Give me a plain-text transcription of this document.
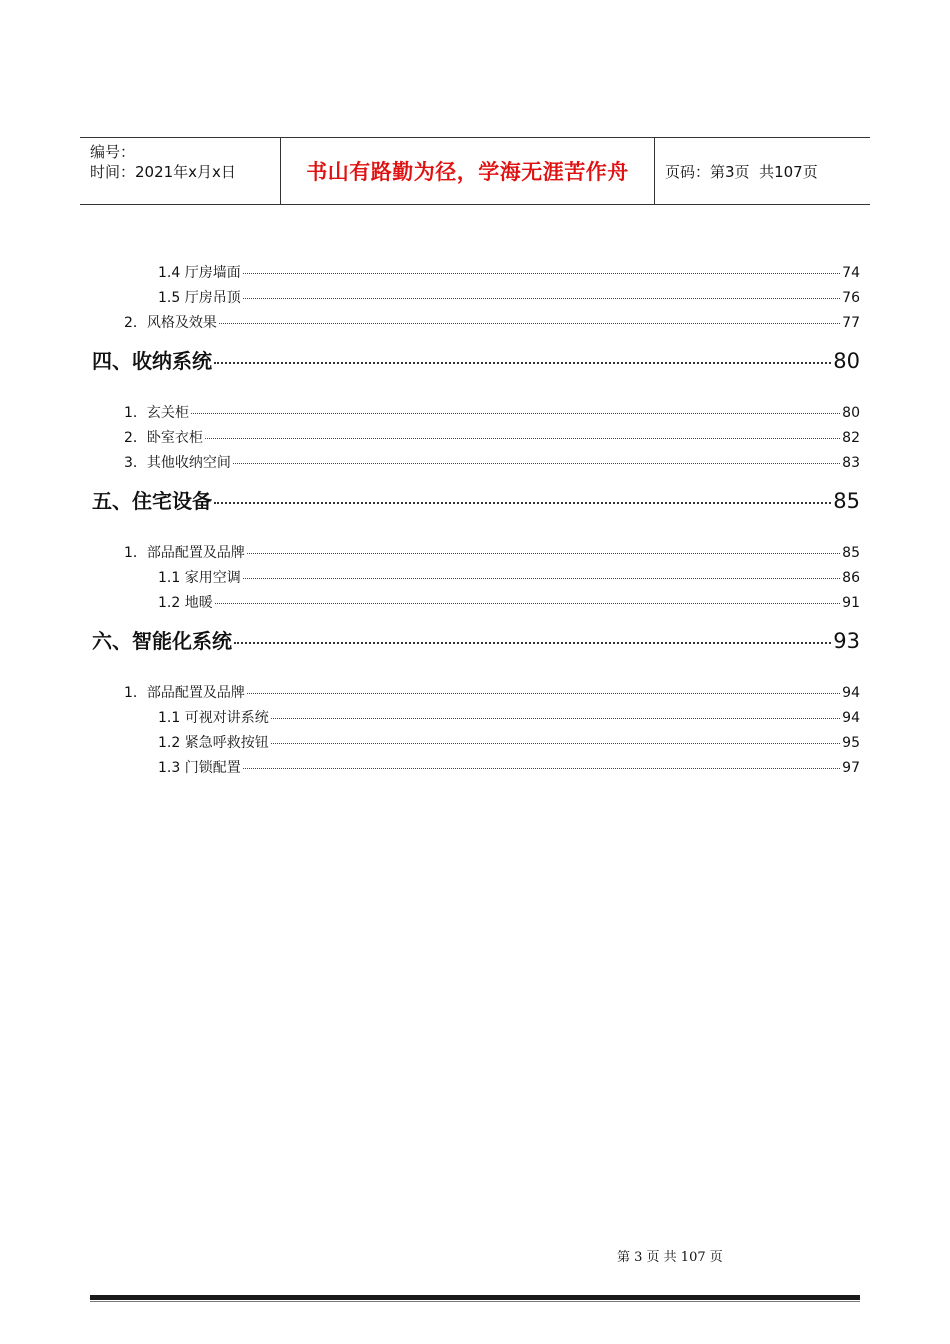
编号：
时间：2021年x月x日	书山有路勤为径，学海无涯苦作舟	页码：第3页  共107页
1.4 厅房墙面	74
1.5 厅房吊顶	76
2．风格及效果	77
四、收纳系统	80
1．玄关柜	80
2．卧室衣柜	82
3．其他收纳空间	83
五、住宅设备	85
1．部品配置及品牌	85
1.1 家用空调	86
1.2 地暖	91
六、智能化系统	93
1．部品配置及品牌	94
1.1 可视对讲系统	94
1.2 紧急呼救按钮	95
1.3 门锁配置	97
第 3 页 共 107 页
